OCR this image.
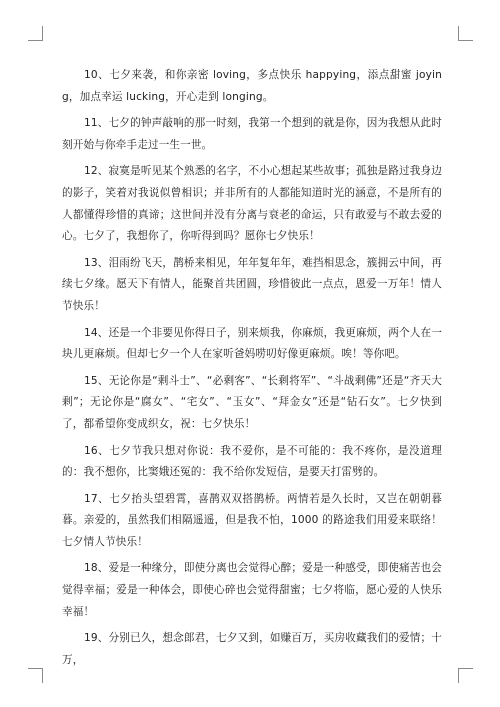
10、七夕来袭，和你亲密 loving，多点快乐 happying，添点甜蜜 joying，加点幸运 lucking，开心走到 longing。

11、七夕的钟声敲响的那一时刻，我第一个想到的就是你，因为我想从此时刻开始与你牵手走过一生一世。

12、寂寞是听见某个熟悉的名字，不小心想起某些故事；孤独是路过我身边的影子，笑着对我说似曾相识；并非所有的人都能知道时光的涵意，不是所有的人都懂得珍惜的真谛；这世间并没有分离与衰老的命运，只有敢爱与不敢去爱的心。七夕了，我想你了，你听得到吗？愿你七夕快乐！

13、泪雨纷飞天，鹊桥来相见，年年复年年，难挡相思念，簇拥云中间，再续七夕缘。愿天下有情人，能聚首共团圆，珍惜彼此一点点，恩爱一万年！情人节快乐！

14、还是一个非要见你得日子，别来烦我，你麻烦，我更麻烦，两个人在一块儿更麻烦。但却七夕一个人在家听爸妈唠叨好像更麻烦。唉！等你吧。

15、无论你是“剩斗士”、“必剩客”、“长剩将军”、“斗战剩佛”还是“齐天大剩”；无论你是“腐女”、“宅女”、“玉女”、“拜金女”还是“钻石女”。七夕快到了，都希望你变成织女，祝：七夕快乐！

16、七夕节我只想对你说：我不爱你，是不可能的：我不疼你，是没道理的：我不想你，比窦娥还冤的：我不给你发短信，是要天打雷劈的。

17、七夕抬头望碧霄，喜鹊双双搭鹊桥。两情若是久长时，又岂在朝朝暮暮。亲爱的，虽然我们相隔遥遥，但是我不怕，1000 的路途我们用爱来联络！七夕情人节快乐！

18、爱是一种缘分，即使分离也会觉得心醉；爱是一种感受，即使痛苦也会觉得幸福；爱是一种体会，即使心碎也会觉得甜蜜；七夕将临，愿心爱的人快乐幸福！

19、分别已久，想念郎君，七夕又到，如赚百万，买房收藏我们的爱情；十万，
